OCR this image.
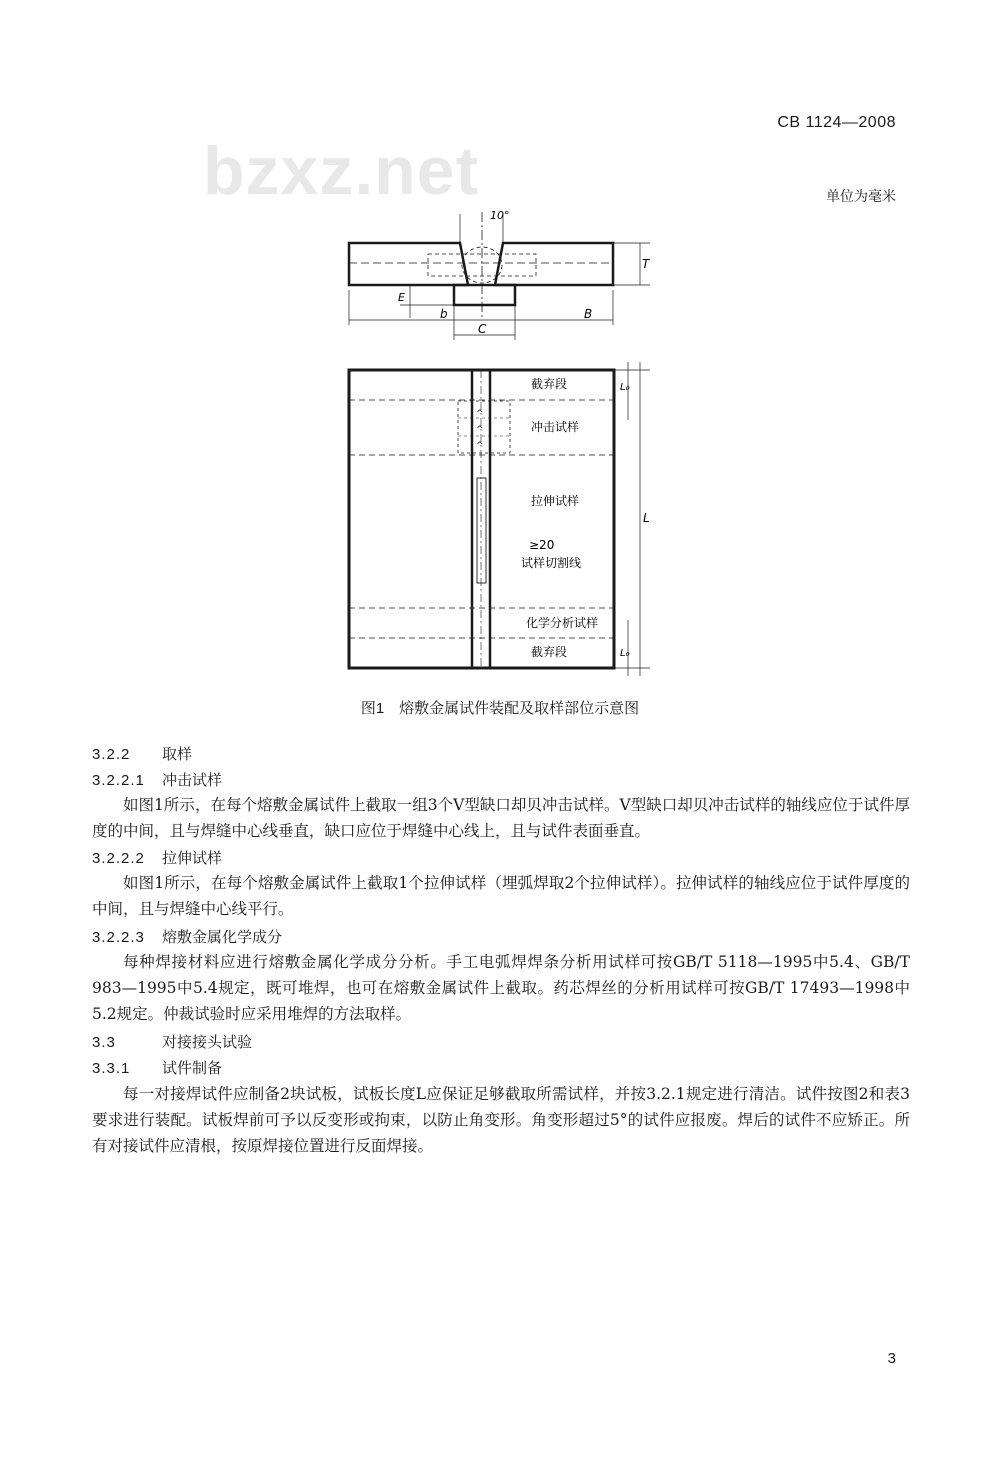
CB 1124—2008
bzxz.net	单位为毫米
10°
T
E
b
C
B
^
^
^
L₀
L
L₀
截弃段
冲击试样
拉伸试样
≥20
试样切割线
化学分析试样
截弃段
图1　熔敷金属试件装配及取样部位示意图
3.2.2 取样
3.2.2.1 冲击试样
如图1所示，在每个熔敷金属试件上截取一组3个V型缺口却贝冲击试样。V型缺口却贝冲击试样的轴线应位于试件厚度的中间，且与焊缝中心线垂直，缺口应位于焊缝中心线上，且与试件表面垂直。
3.2.2.2 拉伸试样
如图1所示，在每个熔敷金属试件上截取1个拉伸试样（埋弧焊取2个拉伸试样）。拉伸试样的轴线应位于试件厚度的中间，且与焊缝中心线平行。
3.2.2.3 熔敷金属化学成分
每种焊接材料应进行熔敷金属化学成分分析。手工电弧焊焊条分析用试样可按GB/T 5118—1995中5.4、GB/T 983—1995中5.4规定，既可堆焊，也可在熔敷金属试件上截取。药芯焊丝的分析用试样可按GB/T 17493—1998中5.2规定。仲裁试验时应采用堆焊的方法取样。
3.3	对接接头试验
3.3.1 试件制备
每一对接焊试件应制备2块试板，试板长度L应保证足够截取所需试样，并按3.2.1规定进行清洁。试件按图2和表3要求进行装配。试板焊前可予以反变形或拘束，以防止角变形。角变形超过5°的试件应报废。焊后的试件不应矫正。所有对接试件应清根，按原焊接位置进行反面焊接。
3
